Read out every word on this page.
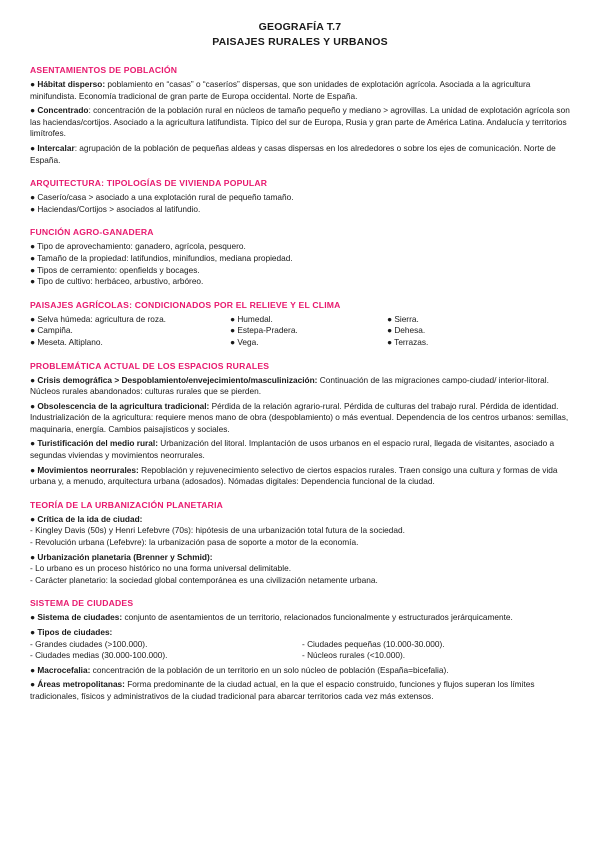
GEOGRAFÍA T.7
PAISAJES RURALES Y URBANOS
ASENTAMIENTOS DE POBLACIÓN
● Hábitat disperso: poblamiento en “casas” o “caseríos” dispersas, que son unidades de explotación agrícola. Asociada a la agricultura minifundista. Economía tradicional de gran parte de Europa occidental. Norte de España.
● Concentrado: concentración de la población rural en núcleos de tamaño pequeño y mediano > agrovillas. La unidad de explotación agrícola son las haciendas/cortijos. Asociado a la agricultura latifundista. Típico del sur de Europa, Rusia y gran parte de América Latina. Andalucía y territorios limítrofes.
● Intercalar: agrupación de la población de pequeñas aldeas y casas dispersas en los alrededores o sobre los ejes de comunicación. Norte de España.
ARQUITECTURA: TIPOLOGÍAS DE VIVIENDA POPULAR
● Caserío/casa > asociado a una explotación rural de pequeño tamaño.
● Haciendas/Cortijos > asociados al latifundio.
FUNCIÓN AGRO-GANADERA
● Tipo de aprovechamiento: ganadero, agrícola, pesquero.
● Tamaño de la propiedad: latifundios, minifundios, mediana propiedad.
● Tipos de cerramiento: openfields y bocages.
● Tipo de cultivo: herbáceo, arbustivo, arbóreo.
PAISAJES AGRÍCOLAS: CONDICIONADOS POR EL RELIEVE Y EL CLIMA
● Selva húmeda: agricultura de roza.
● Campiña.
● Meseta. Altiplano.
● Humedal.
● Estepa-Pradera.
● Vega.
● Sierra.
● Dehesa.
● Terrazas.
PROBLEMÁTICA ACTUAL DE LOS ESPACIOS RURALES
● Crisis demográfica > Despoblamiento/envejecimiento/masculinización: Continuación de las migraciones campo-ciudad/ interior-litoral. Núcleos rurales abandonados: culturas rurales que se pierden.
● Obsolescencia de la agricultura tradicional: Pérdida de la relación agrario-rural. Pérdida de culturas del trabajo rural. Pérdida de identidad. Industrialización de la agricultura: requiere menos mano de obra (despoblamiento) o más eventual. Dependencia de los centros urbanos: semillas, maquinaria, energía. Cambios paisajísticos y sociales.
● Turistificación del medio rural: Urbanización del litoral. Implantación de usos urbanos en el espacio rural, llegada de visitantes, asociado a segundas viviendas y movimientos neorrurales.
● Movimientos neorrurales: Repoblación y rejuvenecimiento selectivo de ciertos espacios rurales. Traen consigo una cultura y formas de vida urbana y, a menudo, arquitectura urbana (adosados). Nómadas digitales: Dependencia funcional de la ciudad.
TEORÍA DE LA URBANIZACIÓN PLANETARIA
● Crítica de la ida de ciudad:
- Kingley Davis (50s) y Henri Lefebvre (70s): hipótesis de una urbanización total futura de la sociedad.
- Revolución urbana (Lefebvre): la urbanización pasa de soporte a motor de la economía.
● Urbanización planetaria (Brenner y Schmid):
- Lo urbano es un proceso histórico no una forma universal delimitable.
- Carácter planetario: la sociedad global contemporánea es una civilización netamente urbana.
SISTEMA DE CIUDADES
● Sistema de ciudades: conjunto de asentamientos de un territorio, relacionados funcionalmente y estructurados jerárquicamente.
● Tipos de ciudades:
- Grandes ciudades (>100.000).
- Ciudades medias (30.000-100.000).
- Ciudades pequeñas (10.000-30.000).
- Núcleos rurales (<10.000).
● Macrocefalia: concentración de la población de un territorio en un solo núcleo de población (España=bicefalia).
● Áreas metropolitanas: Forma predominante de la ciudad actual, en la que el espacio construido, funciones y flujos superan los límites tradicionales, físicos y administrativos de la ciudad tradicional para abarcar territorios cada vez más extensos.
